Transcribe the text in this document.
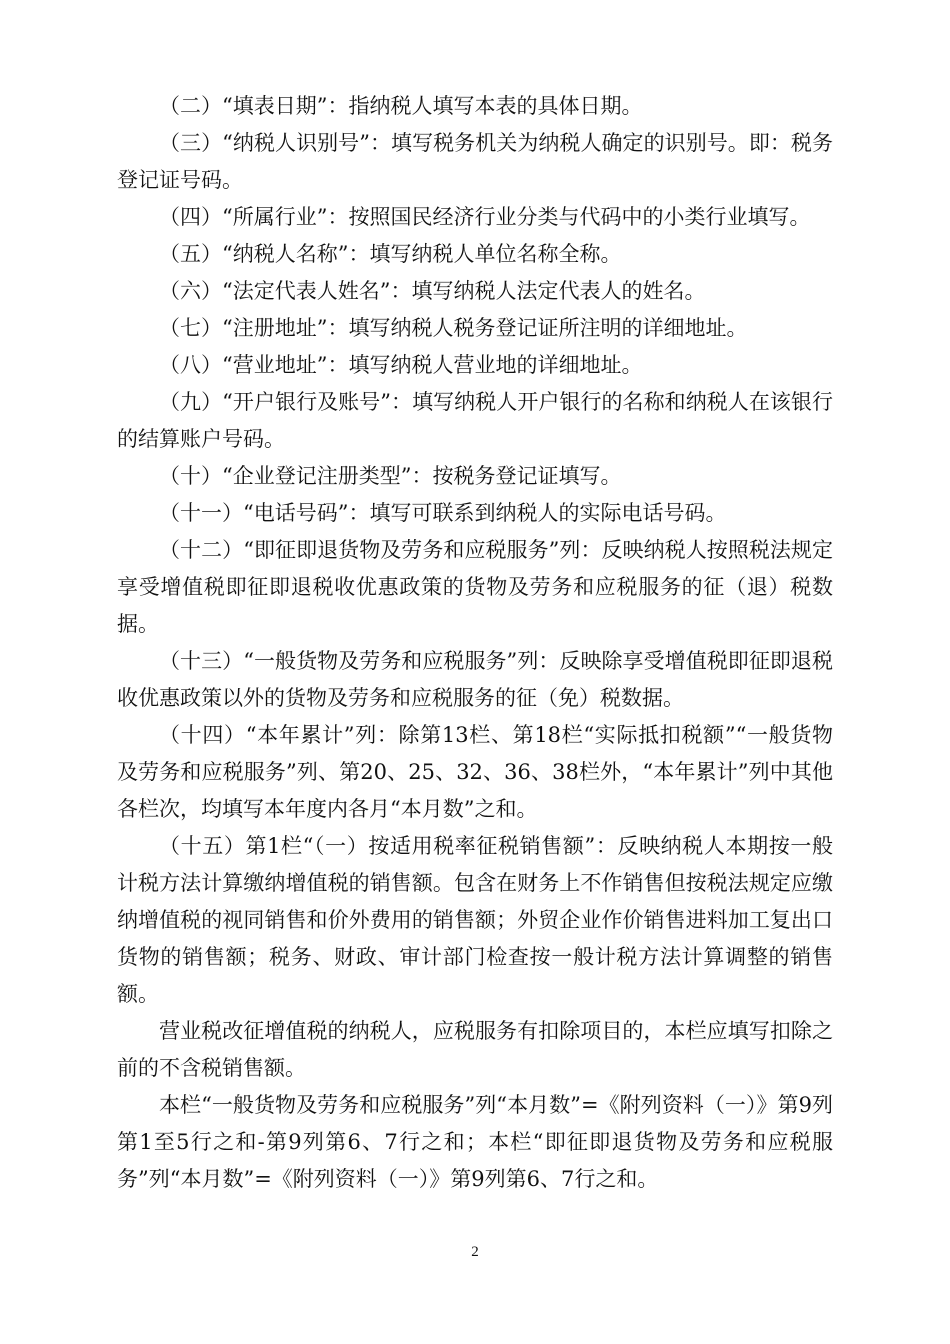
（二）“填表日期”：指纳税人填写本表的具体日期。

（三）“纳税人识别号”：填写税务机关为纳税人确定的识别号。即：税务登记证号码。

（四）“所属行业”：按照国民经济行业分类与代码中的小类行业填写。

（五）“纳税人名称”：填写纳税人单位名称全称。

（六）“法定代表人姓名”：填写纳税人法定代表人的姓名。

（七）“注册地址”：填写纳税人税务登记证所注明的详细地址。

（八）“营业地址”：填写纳税人营业地的详细地址。

（九）“开户银行及账号”：填写纳税人开户银行的名称和纳税人在该银行的结算账户号码。

（十）“企业登记注册类型”：按税务登记证填写。

（十一）“电话号码”：填写可联系到纳税人的实际电话号码。

（十二）“即征即退货物及劳务和应税服务”列：反映纳税人按照税法规定享受增值税即征即退税收优惠政策的货物及劳务和应税服务的征（退）税数据。

（十三）“一般货物及劳务和应税服务”列：反映除享受增值税即征即退税收优惠政策以外的货物及劳务和应税服务的征（免）税数据。

（十四）“本年累计”列：除第13栏、第18栏“实际抵扣税额”“一般货物及劳务和应税服务”列、第20、25、32、36、38栏外，“本年累计”列中其他各栏次，均填写本年度内各月“本月数”之和。

（十五）第1栏“（一）按适用税率征税销售额”：反映纳税人本期按一般计税方法计算缴纳增值税的销售额。包含在财务上不作销售但按税法规定应缴纳增值税的视同销售和价外费用的销售额；外贸企业作价销售进料加工复出口货物的销售额；税务、财政、审计部门检查按一般计税方法计算调整的销售额。

营业税改征增值税的纳税人，应税服务有扣除项目的，本栏应填写扣除之前的不含税销售额。

本栏“一般货物及劳务和应税服务”列“本月数”=《附列资料（一）》第9列第1至5行之和-第9列第6、7行之和；本栏“即征即退货物及劳务和应税服务”列“本月数”=《附列资料（一）》第9列第6、7行之和。

2
